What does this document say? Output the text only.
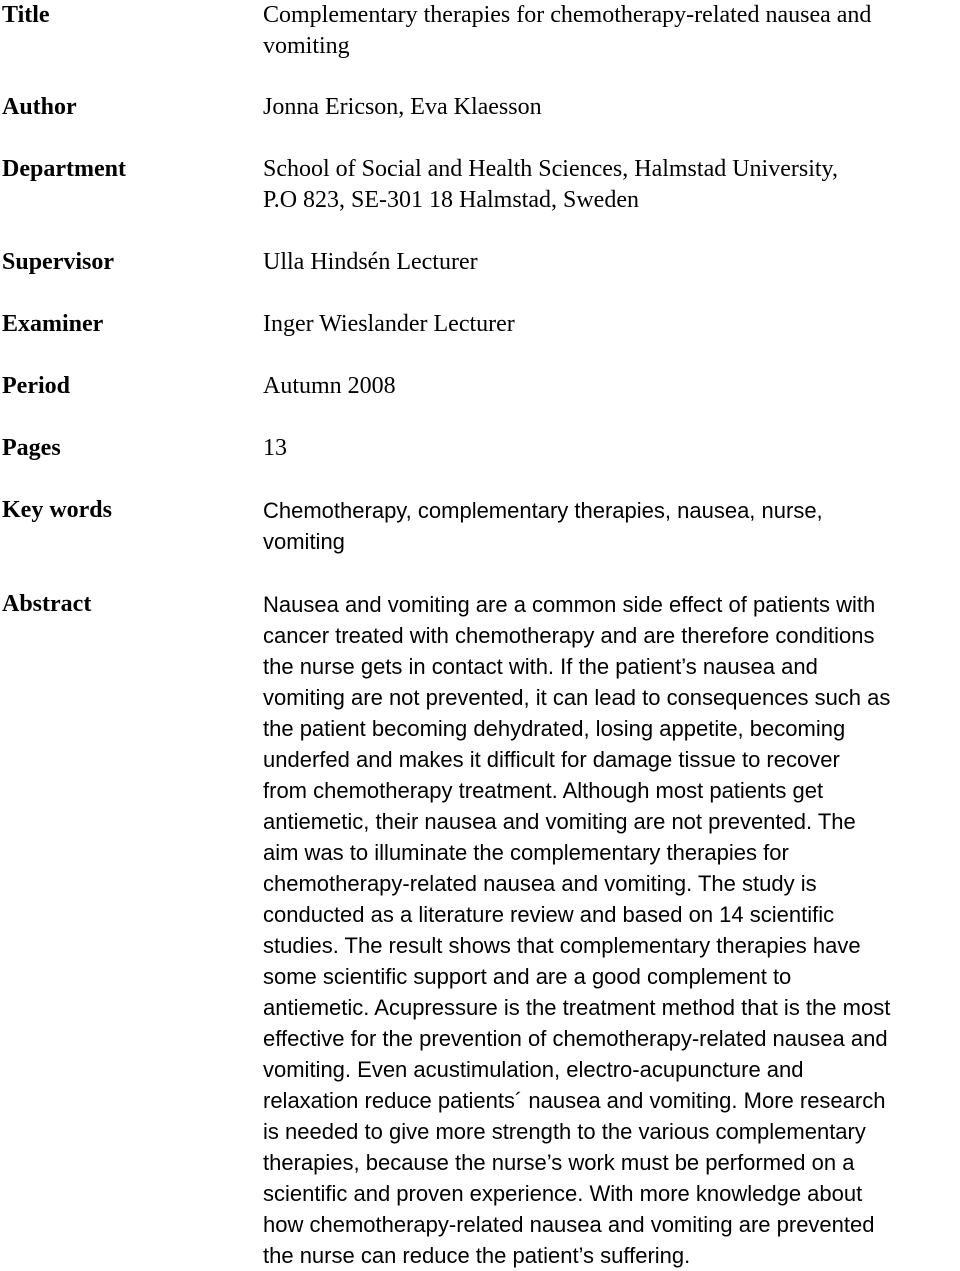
Title	Complementary therapies for chemotherapy-related nausea and
vomiting
Author	Jonna Ericson, Eva Klaesson
Department	School of Social and Health Sciences, Halmstad University,
P.O 823, SE-301 18 Halmstad, Sweden
Supervisor	Ulla Hindsén Lecturer
Examiner	Inger Wieslander Lecturer
Period	Autumn 2008
Pages	13
Key words	Chemotherapy, complementary therapies, nausea, nurse,
vomiting
Abstract	Nausea and vomiting are a common side effect of patients with
cancer treated with chemotherapy and are therefore conditions
the nurse gets in contact with. If the patient’s nausea and
vomiting are not prevented, it can lead to consequences such as
the patient becoming dehydrated, losing appetite, becoming
underfed and makes it difficult for damage tissue to recover
from chemotherapy treatment. Although most patients get
antiemetic, their nausea and vomiting are not prevented. The
aim was to illuminate the complementary therapies for
chemotherapy-related nausea and vomiting. The study is
conducted as a literature review and based on 14 scientific
studies. The result shows that complementary therapies have
some scientific support and are a good complement to
antiemetic. Acupressure is the treatment method that is the most
effective for the prevention of chemotherapy-related nausea and
vomiting. Even acustimulation, electro-acupuncture and
relaxation reduce patients´ nausea and vomiting. More research
is needed to give more strength to the various complementary
therapies, because the nurse’s work must be performed on a
scientific and proven experience. With more knowledge about
how chemotherapy-related nausea and vomiting are prevented
the nurse can reduce the patient’s suffering.
